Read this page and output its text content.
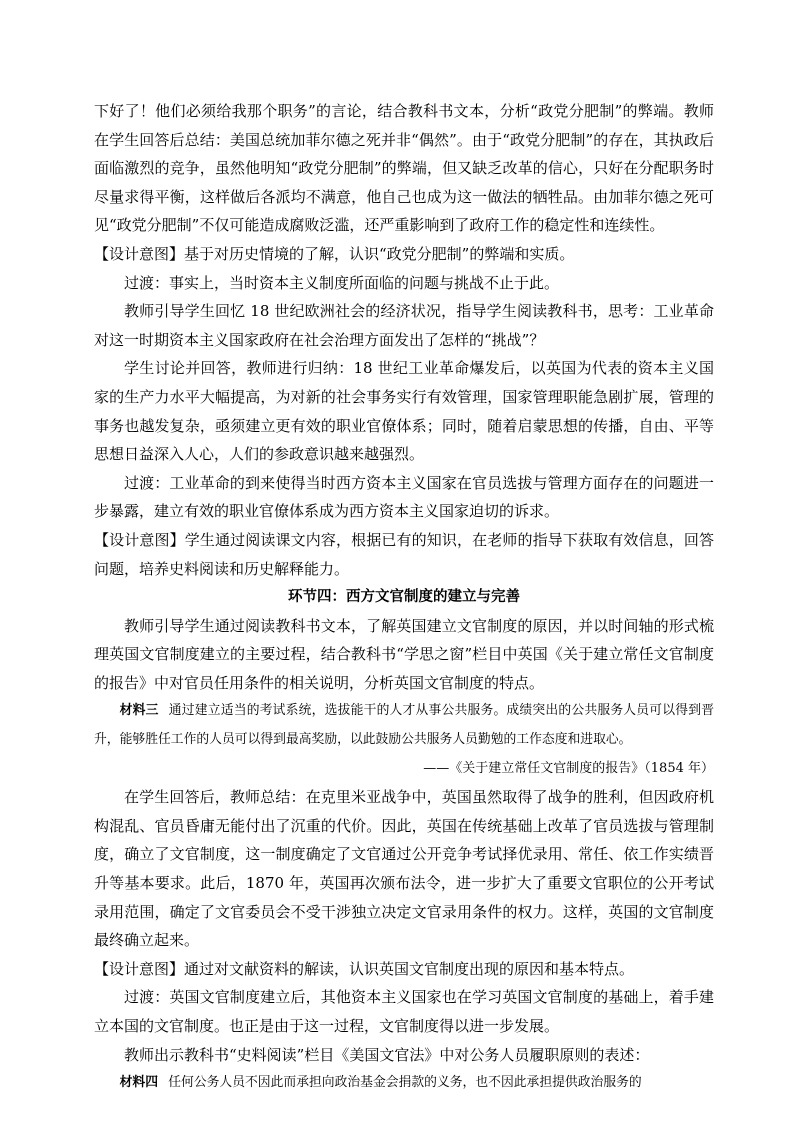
下好了！他们必须给我那个职务”的言论，结合教科书文本，分析“政党分肥制”的弊端。教师在学生回答后总结：美国总统加菲尔德之死并非“偶然”。由于“政党分肥制”的存在，其执政后面临激烈的竞争，虽然他明知“政党分肥制”的弊端，但又缺乏改革的信心，只好在分配职务时尽量求得平衡，这样做后各派均不满意，他自己也成为这一做法的牺牲品。由加菲尔德之死可见“政党分肥制”不仅可能造成腐败泛滥，还严重影响到了政府工作的稳定性和连续性。

【设计意图】基于对历史情境的了解，认识“政党分肥制”的弊端和实质。

过渡：事实上，当时资本主义制度所面临的问题与挑战不止于此。

教师引导学生回忆 18 世纪欧洲社会的经济状况，指导学生阅读教科书，思考：工业革命对这一时期资本主义国家政府在社会治理方面发出了怎样的“挑战”？

学生讨论并回答，教师进行归纳：18 世纪工业革命爆发后，以英国为代表的资本主义国家的生产力水平大幅提高，为对新的社会事务实行有效管理，国家管理职能急剧扩展，管理的事务也越发复杂，亟须建立更有效的职业官僚体系；同时，随着启蒙思想的传播，自由、平等思想日益深入人心，人们的参政意识越来越强烈。

过渡：工业革命的到来使得当时西方资本主义国家在官员选拔与管理方面存在的问题进一步暴露，建立有效的职业官僚体系成为西方资本主义国家迫切的诉求。

【设计意图】学生通过阅读课文内容，根据已有的知识，在老师的指导下获取有效信息，回答问题，培养史料阅读和历史解释能力。

环节四：西方文官制度的建立与完善

教师引导学生通过阅读教科书文本，了解英国建立文官制度的原因，并以时间轴的形式梳理英国文官制度建立的主要过程，结合教科书“学思之窗”栏目中英国《关于建立常任文官制度的报告》中对官员任用条件的相关说明，分析英国文官制度的特点。

材料三 通过建立适当的考试系统，选拔能干的人才从事公共服务。成绩突出的公共服务人员可以得到晋升，能够胜任工作的人员可以得到最高奖励，以此鼓励公共服务人员勤勉的工作态度和进取心。

——《关于建立常任文官制度的报告》（1854 年）

在学生回答后，教师总结：在克里米亚战争中，英国虽然取得了战争的胜利，但因政府机构混乱、官员昏庸无能付出了沉重的代价。因此，英国在传统基础上改革了官员选拔与管理制度，确立了文官制度，这一制度确定了文官通过公开竞争考试择优录用、常任、依工作实绩晋升等基本要求。此后，1870 年，英国再次颁布法令，进一步扩大了重要文官职位的公开考试录用范围，确定了文官委员会不受干涉独立决定文官录用条件的权力。这样，英国的文官制度最终确立起来。

【设计意图】通过对文献资料的解读，认识英国文官制度出现的原因和基本特点。

过渡：英国文官制度建立后，其他资本主义国家也在学习英国文官制度的基础上，着手建立本国的文官制度。也正是由于这一过程，文官制度得以进一步发展。

教师出示教科书“史料阅读”栏目《美国文官法》中对公务人员履职原则的表述：

材料四 任何公务人员不因此而承担向政治基金会捐款的义务，也不因此承担提供政治服务的
